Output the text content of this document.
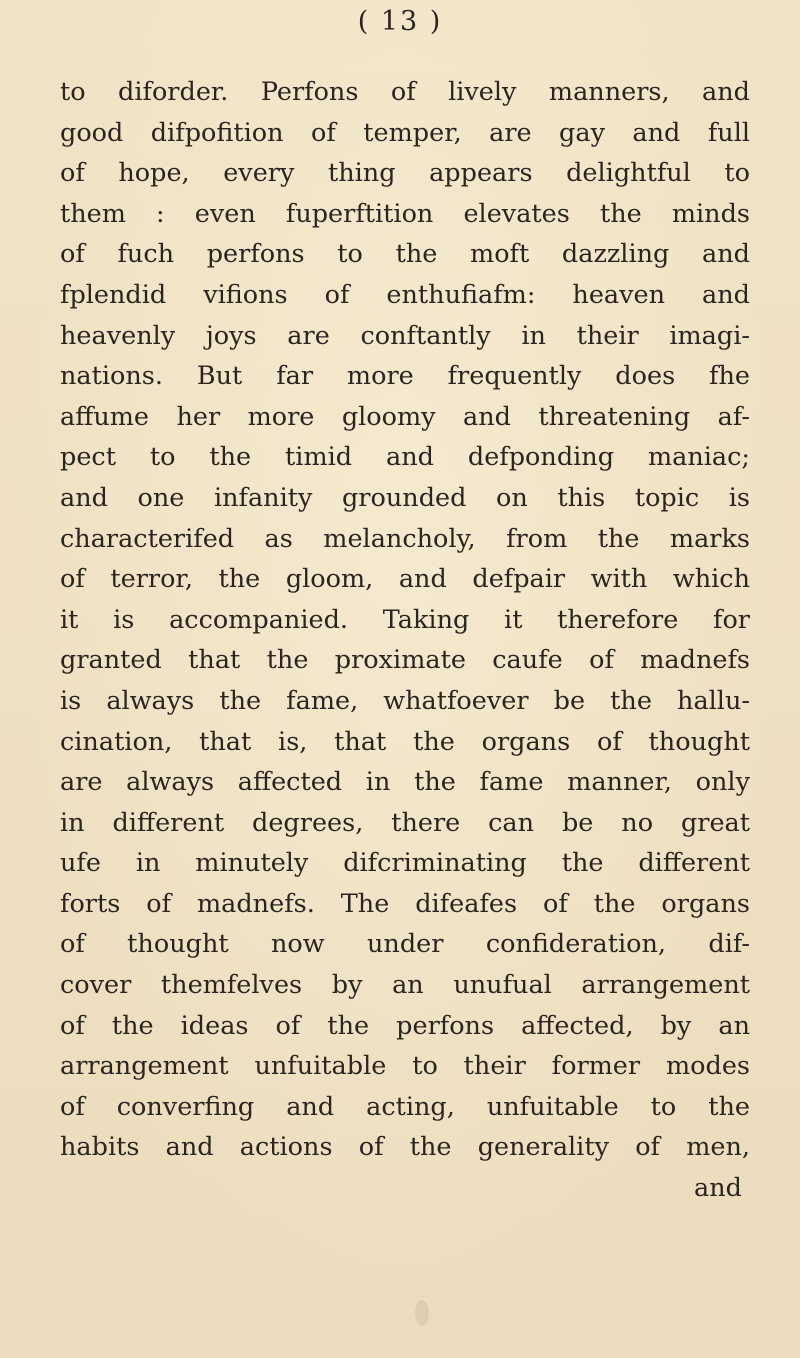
( 13 )
to diforder. Perfons of lively manners, and
good difpofition of temper, are gay and full
of hope, every thing appears delightful to
them : even fuperftition elevates the minds
of fuch perfons to the moft dazzling and
fplendid vifions of enthufiafm: heaven and
heavenly joys are conftantly in their imagi-
nations. But far more frequently does fhe
affume her more gloomy and threatening af-
pect to the timid and defponding maniac;
and one infanity grounded on this topic is
characterifed as melancholy, from the marks
of terror, the gloom, and defpair with which
it is accompanied. Taking it therefore for
granted that the proximate caufe of madnefs
is always the fame, whatfoever be the hallu-
cination, that is, that the organs of thought
are always affected in the fame manner, only
in different degrees, there can be no great
ufe in minutely difcriminating the different
forts of madnefs. The difeafes of the organs
of thought now under confideration, dif-
cover themfelves by an unufual arrangement
of the ideas of the perfons affected, by an
arrangement unfuitable to their former modes
of converfing and acting, unfuitable to the
habits and actions of the generality of men,
and
